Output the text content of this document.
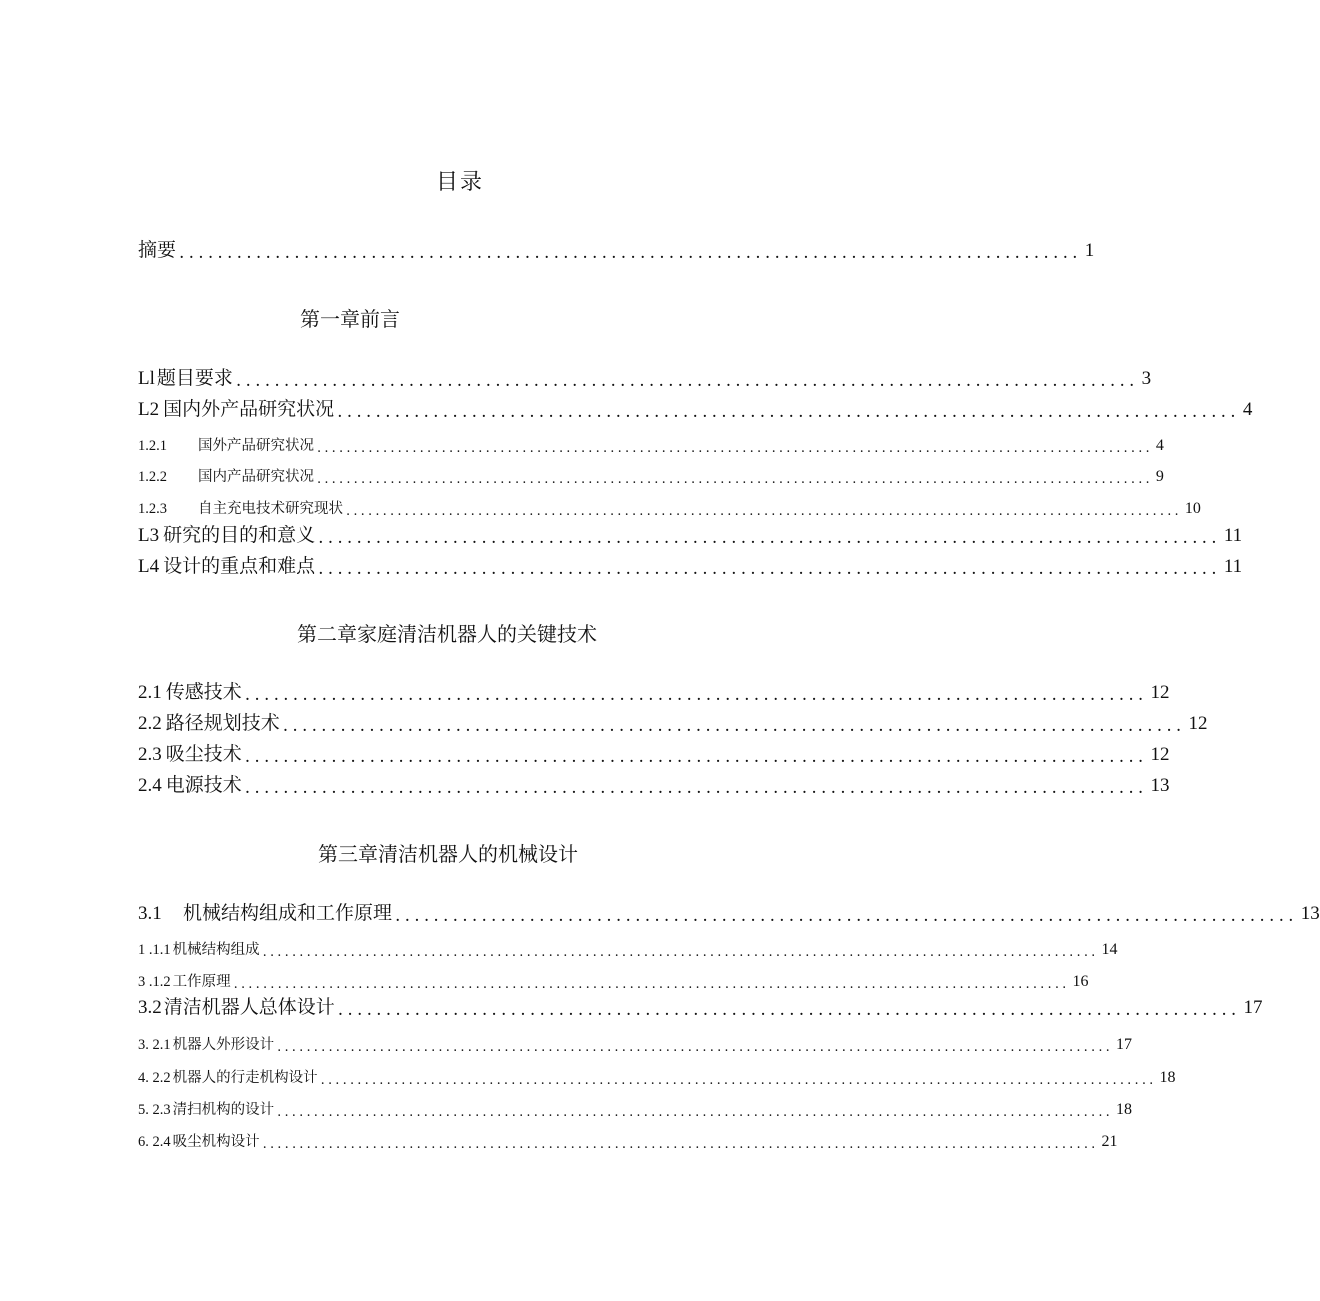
目录
摘要 .............................................................................................. 1
第一章前言
Ll 题目要求 .............................................................................................. 3
L2 国内外产品研究状况 .............................................................................................. 4
1.2.1	国外产品研究状况 .................................................................................................................. 4
1.2.2	国内产品研究状况 .................................................................................................................. 9
1.2.3	自主充电技术研究现状 .................................................................................................................. 10
L3 研究的目的和意义 .............................................................................................. 11
L4 设计的重点和难点 .............................................................................................. 11
第二章家庭清洁机器人的关键技术
2.1 传感技术 .............................................................................................. 12
2.2 路径规划技术 .............................................................................................. 12
2.3 吸尘技术 .............................................................................................. 12
2.4 电源技术 .............................................................................................. 13
第三章清洁机器人的机械设计
3.1	机械结构组成和工作原理 .............................................................................................. 13
1 .1.1 机械结构组成 .................................................................................................................. 14
3 .1.2 工作原理 .................................................................................................................. 16
3.2 清洁机器人总体设计 .............................................................................................. 17
3. 2.1 机器人外形设计 .................................................................................................................. 17
4. 2.2 机器人的行走机构设计 .................................................................................................................. 18
5. 2.3 清扫机构的设计 .................................................................................................................. 18
6. 2.4 吸尘机构设计 .................................................................................................................. 21
